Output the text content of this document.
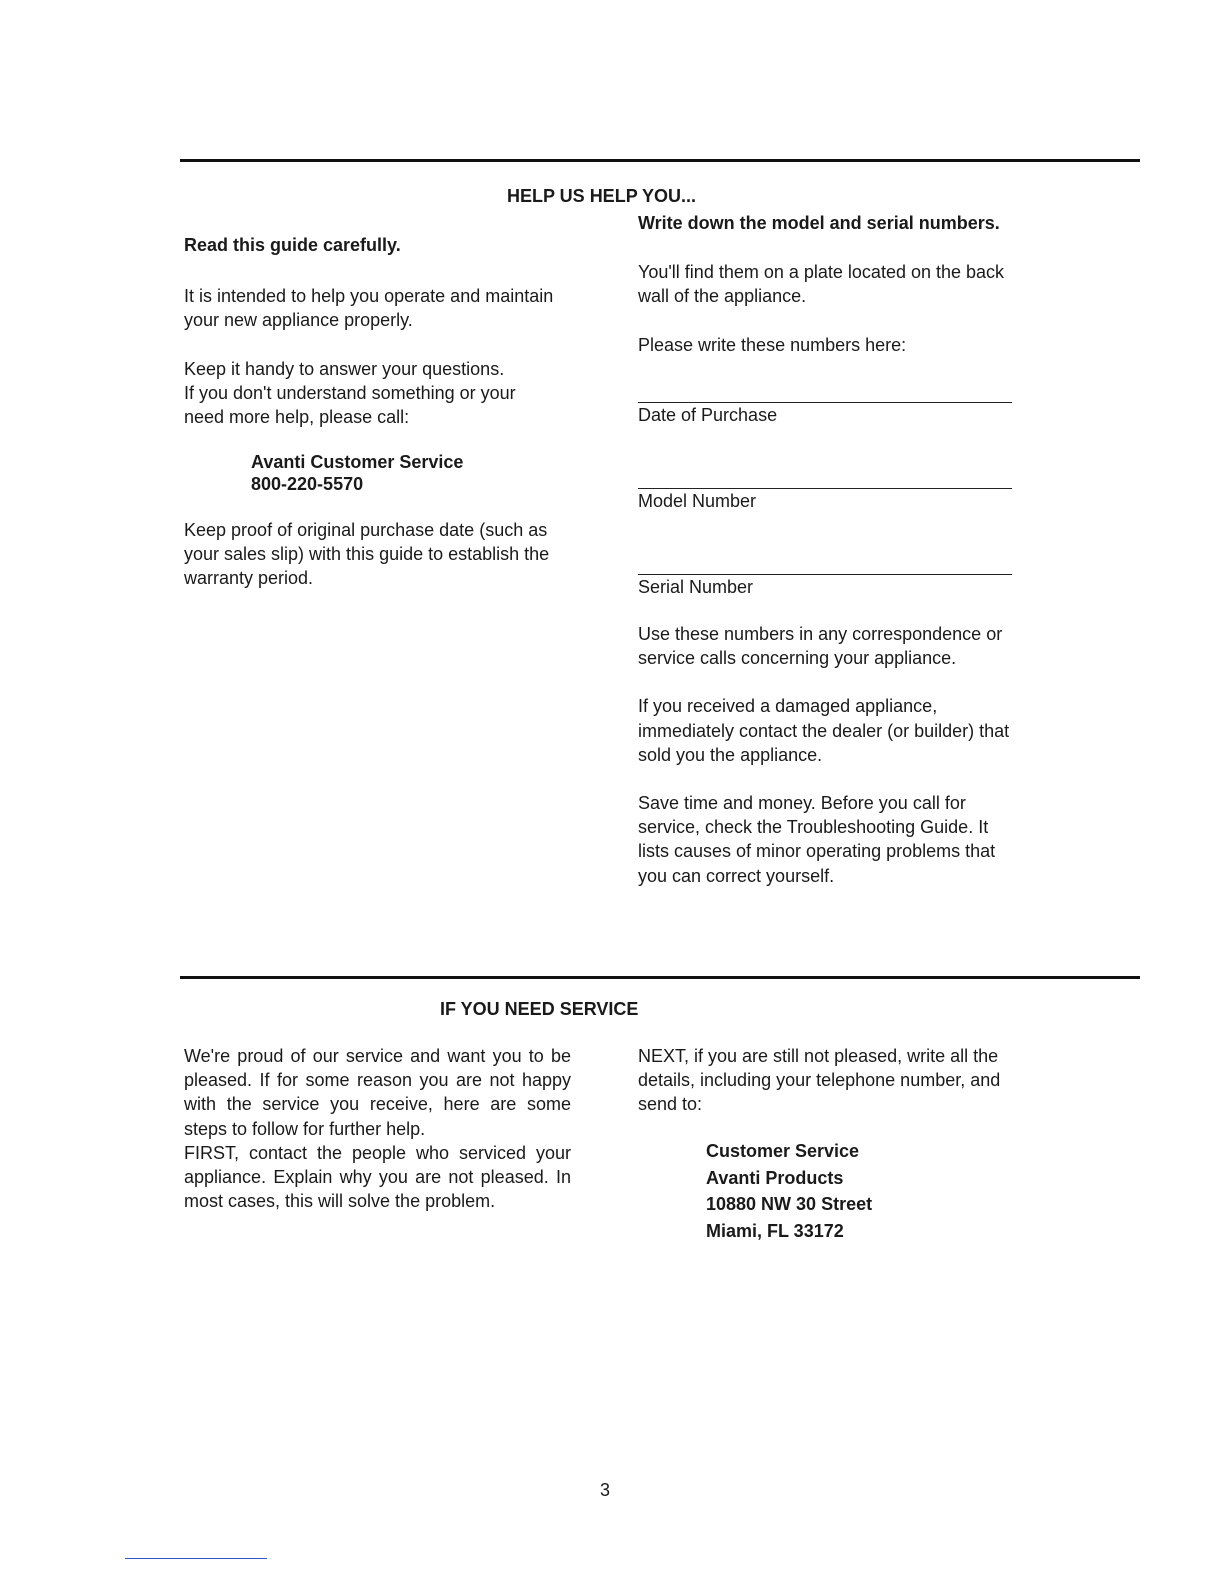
HELP US HELP YOU...

Read this guide carefully.

It is intended to help you operate and maintain

your new appliance properly.

Keep it handy to answer your questions.

If you don't understand something or your

need more help, please call:

Avanti Customer Service

800-220-5570

Keep proof of original purchase date (such as

your sales slip) with this guide to establish the

warranty period.

Write down the model and serial numbers.

You'll find them on a plate located on the back

wall of the appliance.

Please write these numbers here:

Date of Purchase
Model Number
Serial Number

Use these numbers in any correspondence or

service calls concerning your appliance.

If you received a damaged appliance,

immediately contact the dealer (or builder) that

sold you the appliance.

Save time and money. Before you call for

service, check the Troubleshooting Guide. It

lists causes of minor operating problems that

you can correct yourself.

IF YOU NEED SERVICE

We're proud of our service and want you to be

pleased. If for some reason you are not happy

with the service you receive, here are some

steps to follow for further help.

FIRST, contact the people who serviced your

appliance. Explain why you are not pleased. In

most cases, this will solve the problem.

NEXT, if you are still not pleased, write all the

details, including your telephone number, and

send to:

Customer Service

Avanti Products

10880 NW 30 Street

Miami, FL 33172

3
